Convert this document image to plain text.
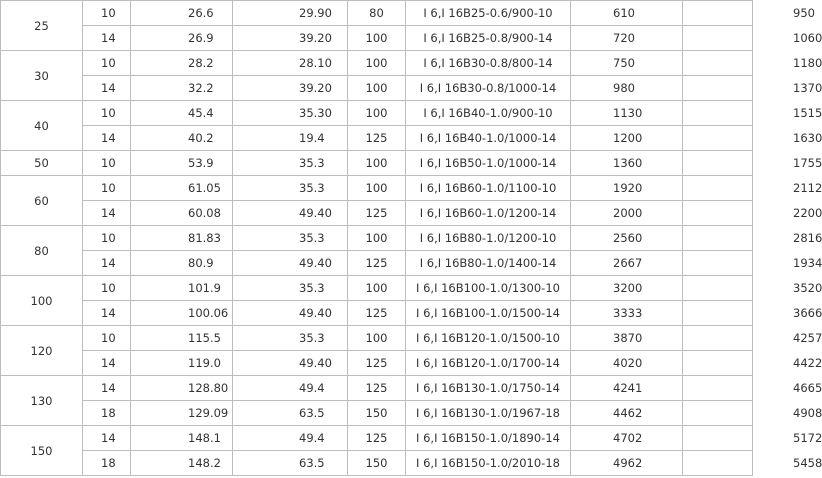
25	10	26.6	29.90	80	I 6,I 16B25-0.6/900-10	610	950
	14	26.9	39.20	100	I 6,I 16B25-0.8/900-14	720	1060
30	10	28.2	28.10	100	I 6,I 16B30-0.8/800-14	750	1180
	14	32.2	39.20	100	I 6,I 16B30-0.8/1000-14	980	1370
40	10	45.4	35.30	100	I 6,I 16B40-1.0/900-10	1130	1515
	14	40.2	19.4	125	I 6,I 16B40-1.0/1000-14	1200	1630
50	10	53.9	35.3	100	I 6,I 16B50-1.0/1000-14	1360	1755
60	10	61.05	35.3	100	I 6,I 16B60-1.0/1100-10	1920	2112
	14	60.08	49.40	125	I 6,I 16B60-1.0/1200-14	2000	2200
80	10	81.83	35.3	100	I 6,I 16B80-1.0/1200-10	2560	2816
	14	80.9	49.40	125	I 6,I 16B80-1.0/1400-14	2667	1934
100	10	101.9	35.3	100	I 6,I 16B100-1.0/1300-10	3200	3520
	14	100.06	49.40	125	I 6,I 16B100-1.0/1500-14	3333	3666
120	10	115.5	35.3	100	I 6,I 16B120-1.0/1500-10	3870	4257
	14	119.0	49.40	125	I 6,I 16B120-1.0/1700-14	4020	4422
130	14	128.80	49.4	125	I 6,I 16B130-1.0/1750-14	4241	4665
	18	129.09	63.5	150	I 6,I 16B130-1.0/1967-18	4462	4908
150	14	148.1	49.4	125	I 6,I 16B150-1.0/1890-14	4702	5172
	18	148.2	63.5	150	I 6,I 16B150-1.0/2010-18	4962	5458
